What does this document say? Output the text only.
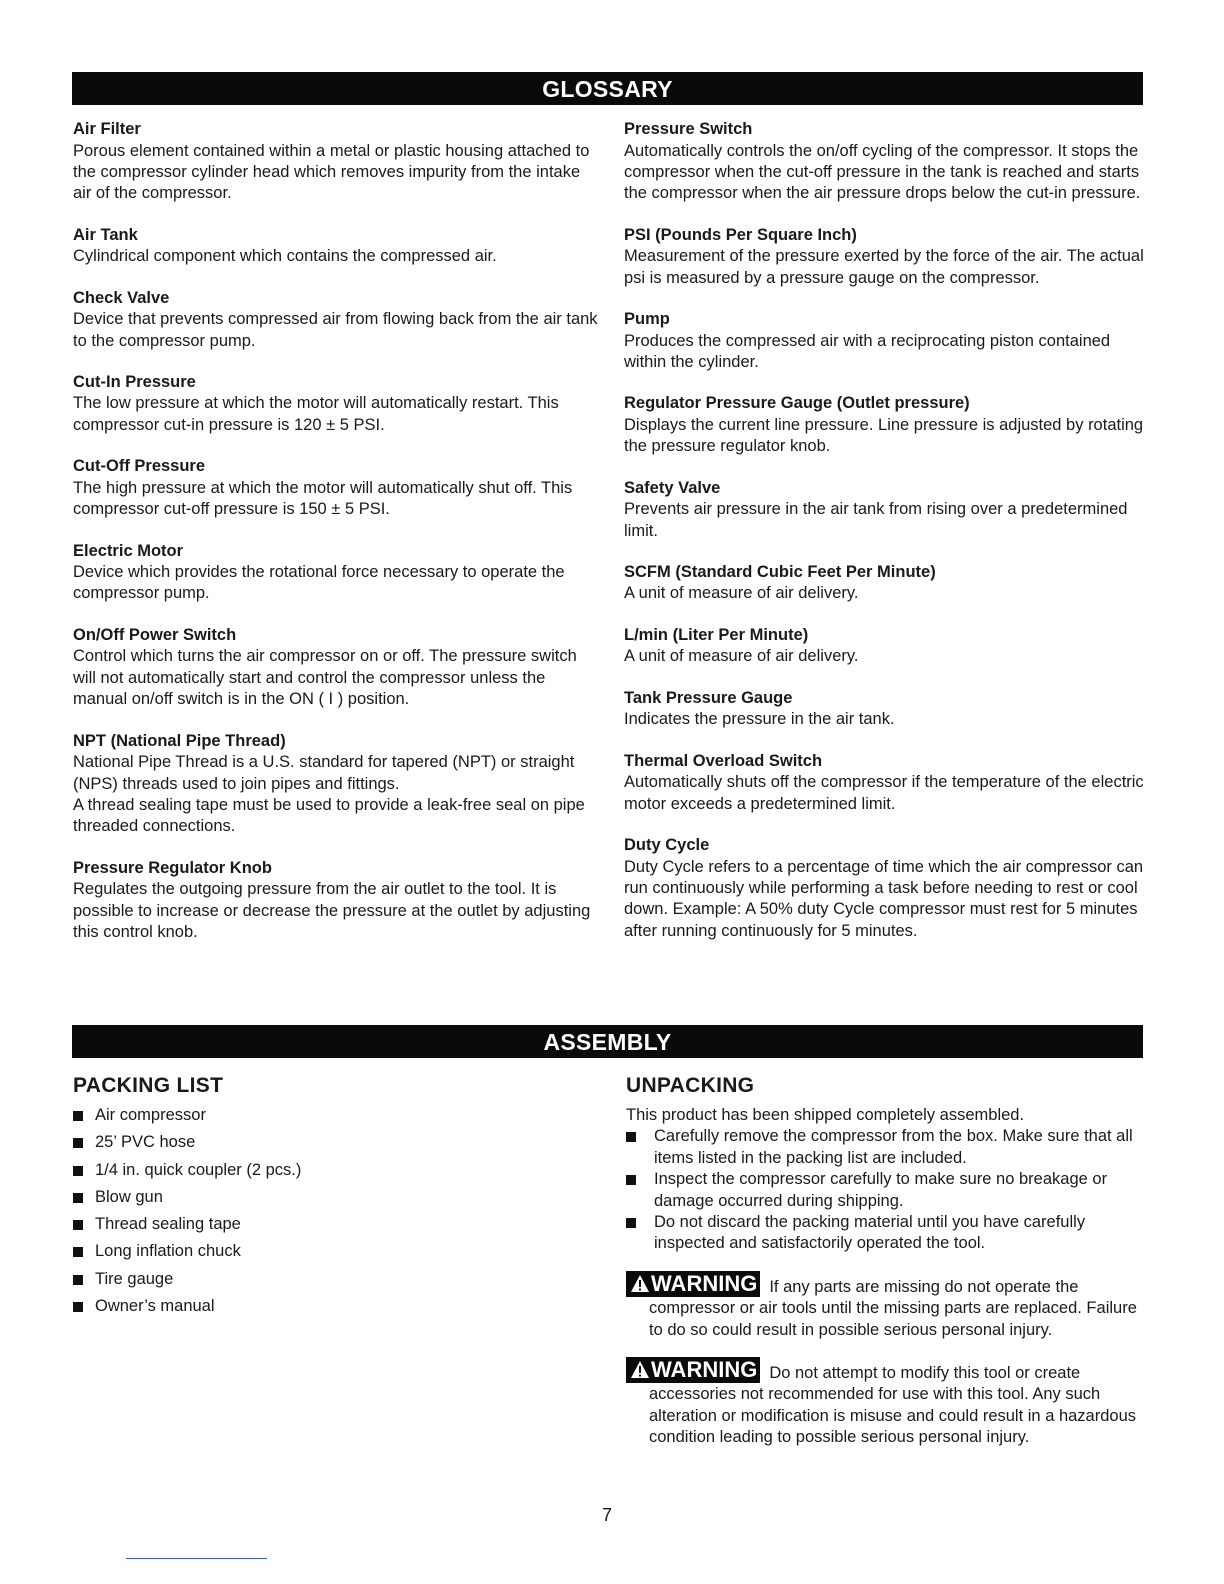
GLOSSARY
Air Filter
Porous element contained within a metal or plastic housing attached to the compressor cylinder head which removes impurity from the intake air of the compressor.
Air Tank
Cylindrical component which contains the compressed air.
Check Valve
Device that prevents compressed air from flowing back from the air tank to the compressor pump.
Cut-In Pressure
The low pressure at which the motor will automatically restart. This compressor cut-in pressure is 120 ± 5 PSI.
Cut-Off Pressure
The high pressure at which the motor will automatically shut off. This compressor cut-off pressure is 150 ± 5 PSI.
Electric Motor
Device which provides the rotational force necessary to operate the compressor pump.
On/Off Power Switch
Control which turns the air compressor on or off. The pressure switch will not automatically start and control the compressor unless the manual on/off switch is in the ON ( I ) position.
NPT (National Pipe Thread)
National Pipe Thread is a U.S. standard for tapered (NPT) or straight (NPS) threads used to join pipes and fittings.
A thread sealing tape must be used to provide a leak-free seal on pipe threaded connections.
Pressure Regulator Knob
Regulates the outgoing pressure from the air outlet to the tool. It is possible to increase or decrease the pressure at the outlet by adjusting this control knob.
Pressure Switch
Automatically controls the on/off cycling of the compressor. It stops the compressor when the cut-off pressure in the tank is reached and starts the compressor when the air pressure drops below the cut-in pressure.
PSI (Pounds Per Square Inch)
Measurement of the pressure exerted by the force of the air. The actual psi is measured by a pressure gauge on the compressor.
Pump
Produces the compressed air with a reciprocating piston contained within the cylinder.
Regulator Pressure Gauge (Outlet pressure)
Displays the current line pressure. Line pressure is adjusted by rotating the pressure regulator knob.
Safety Valve
Prevents air pressure in the air tank from rising over a predetermined limit.
SCFM (Standard Cubic Feet Per Minute)
A unit of measure of air delivery.
L/min (Liter Per Minute)
A unit of measure of air delivery.
Tank Pressure Gauge
Indicates the pressure in the air tank.
Thermal Overload Switch
Automatically shuts off the compressor if the temperature of the electric motor exceeds a predetermined limit.
Duty Cycle
Duty Cycle refers to a percentage of time which the air compressor can run continuously while performing a task before needing to rest or cool down. Example: A 50% duty Cycle compressor must rest for 5 minutes after running continuously for 5 minutes.
ASSEMBLY
PACKING LIST
Air compressor
25’ PVC hose
1/4 in. quick coupler (2 pcs.)
Blow gun
Thread sealing tape
Long inflation chuck
Tire gauge
Owner’s manual
UNPACKING
This product has been shipped completely assembled.
Carefully remove the compressor from the box. Make sure that all items listed in the packing list are included.
Inspect the compressor carefully to make sure no breakage or damage occurred during shipping.
Do not discard the packing material until you have carefully inspected and satisfactorily operated the tool.
WARNING If any parts are missing do not operate the compressor or air tools until the missing parts are replaced. Failure to do so could result in possible serious personal injury.
WARNING Do not attempt to modify this tool or create accessories not recommended for use with this tool. Any such alteration or modification is misuse and could result in a hazardous condition leading to possible serious personal injury.
7
